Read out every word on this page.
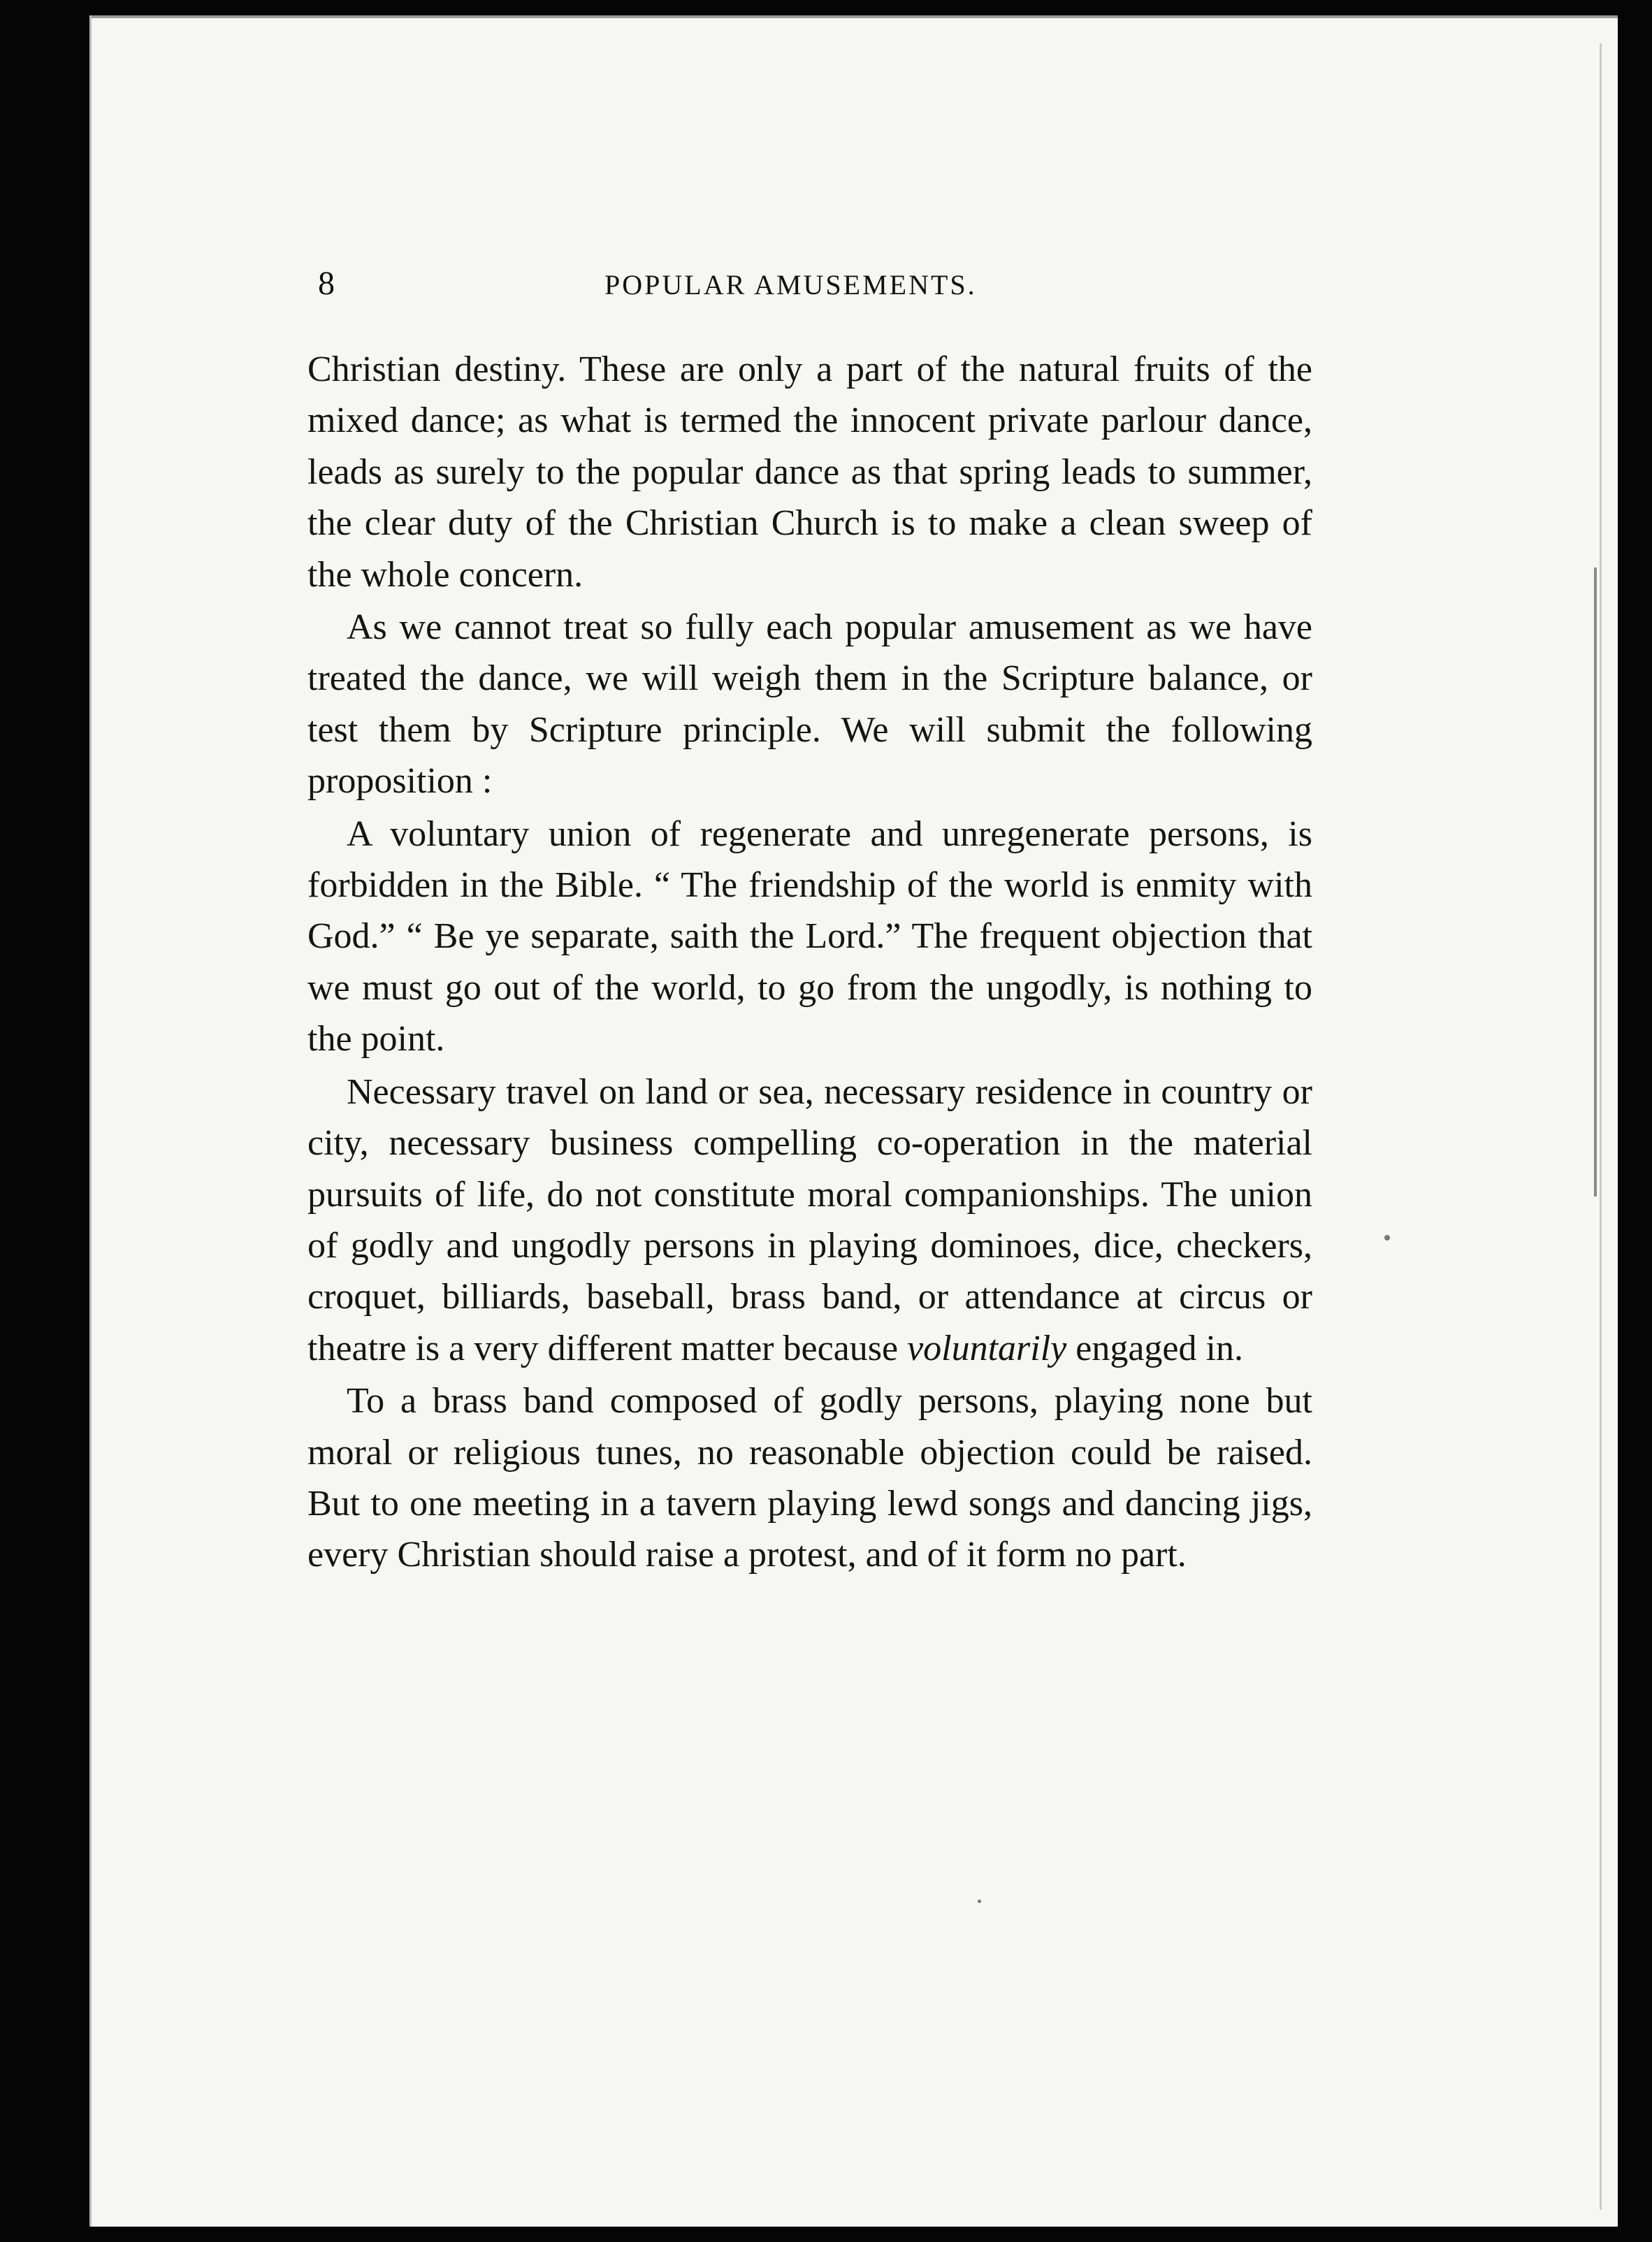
8	POPULAR AMUSEMENTS.

Christian destiny. These are only a part of the natural fruits of the mixed dance; as what is termed the innocent private parlour dance, leads as surely to the popular dance as that spring leads to summer, the clear duty of the Christian Church is to make a clean sweep of the whole concern.

As we cannot treat so fully each popular amusement as we have treated the dance, we will weigh them in the Scripture balance, or test them by Scripture principle. We will submit the following proposition :

A voluntary union of regenerate and unregenerate persons, is forbidden in the Bible. “ The friendship of the world is enmity with God.” “ Be ye separate, saith the Lord.” The frequent objection that we must go out of the world, to go from the ungodly, is nothing to the point.

Necessary travel on land or sea, necessary residence in country or city, necessary business compelling co-operation in the material pursuits of life, do not constitute moral companionships. The union of godly and ungodly persons in playing dominoes, dice, checkers, croquet, billiards, baseball, brass band, or attendance at circus or theatre is a very different matter because voluntarily engaged in.

To a brass band composed of godly persons, playing none but moral or religious tunes, no reasonable objection could be raised. But to one meeting in a tavern playing lewd songs and dancing jigs, every Christian should raise a protest, and of it form no part.
